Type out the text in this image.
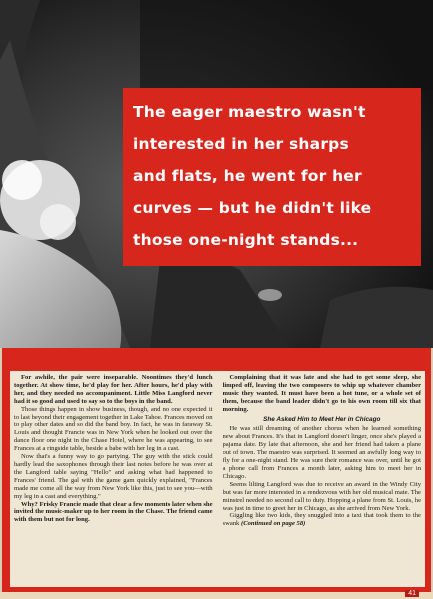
The eager maestro wasn't

interested in her sharps

and flats, he went for her

curves — but he didn't like

those one-night stands...

For awhile, the pair were inseparable. Noontimes they'd lunch together. At show time, he'd play for her. After hours, he'd play with her, and they needed no accompaniment. Little Miss Langford never had it so good and used to say so to the boys in the band.

Those things happen in show business, though, and no one expected it to last beyond their engagement together in Lake Tahoe. Frances moved on to play other dates and so did the band boy. In fact, he was in faraway St. Louis and thought Francie was in New York when he looked out over the dance floor one night in the Chase Hotel, where he was appearing, to see Frances at a ringside table, beside a babe with her leg in a cast.

Now that's a funny way to go partying. The guy with the stick could hardly lead the saxophones through their last notes before he was over at the Langford table saying "Hello" and asking what had happened to Frances' friend. The gal with the game gam quickly explained, "Frances made me come all the way from New York like this, just to see you—with my leg in a cast and everything."

Why? Frisky Francie made that clear a few moments later when she invited the music-maker up to her room in the Chase. The friend came with them but not for long.

Complaining that it was late and she had to get some sleep, she limped off, leaving the two composers to whip up whatever chamber music they wanted. It must have been a hot tune, or a whole set of them, because the band leader didn't go to his own room till six that morning.

She Asked Him to Meet Her in Chicago

He was still dreaming of another chorus when he learned something new about Frances. It's that in Langford doesn't linger, once she's played a pajama date. By late that afternoon, she and her friend had taken a plane out of town. The maestro was surprised. It seemed an awfully long way to fly for a one-night stand. He was sure their romance was over, until he got a phone call from Frances a month later, asking him to meet her in Chicago.

Seems lilting Langford was due to receive an award in the Windy City but was far more interested in a rendezvous with her old musical mate. The minstrel needed no second call to duty. Hopping a plane from St. Louis, he was just in time to greet her in Chicago, as she arrived from New York.

Giggling like two kids, they snuggled into a taxi that took them to the swank (Continued on page 58)

41
